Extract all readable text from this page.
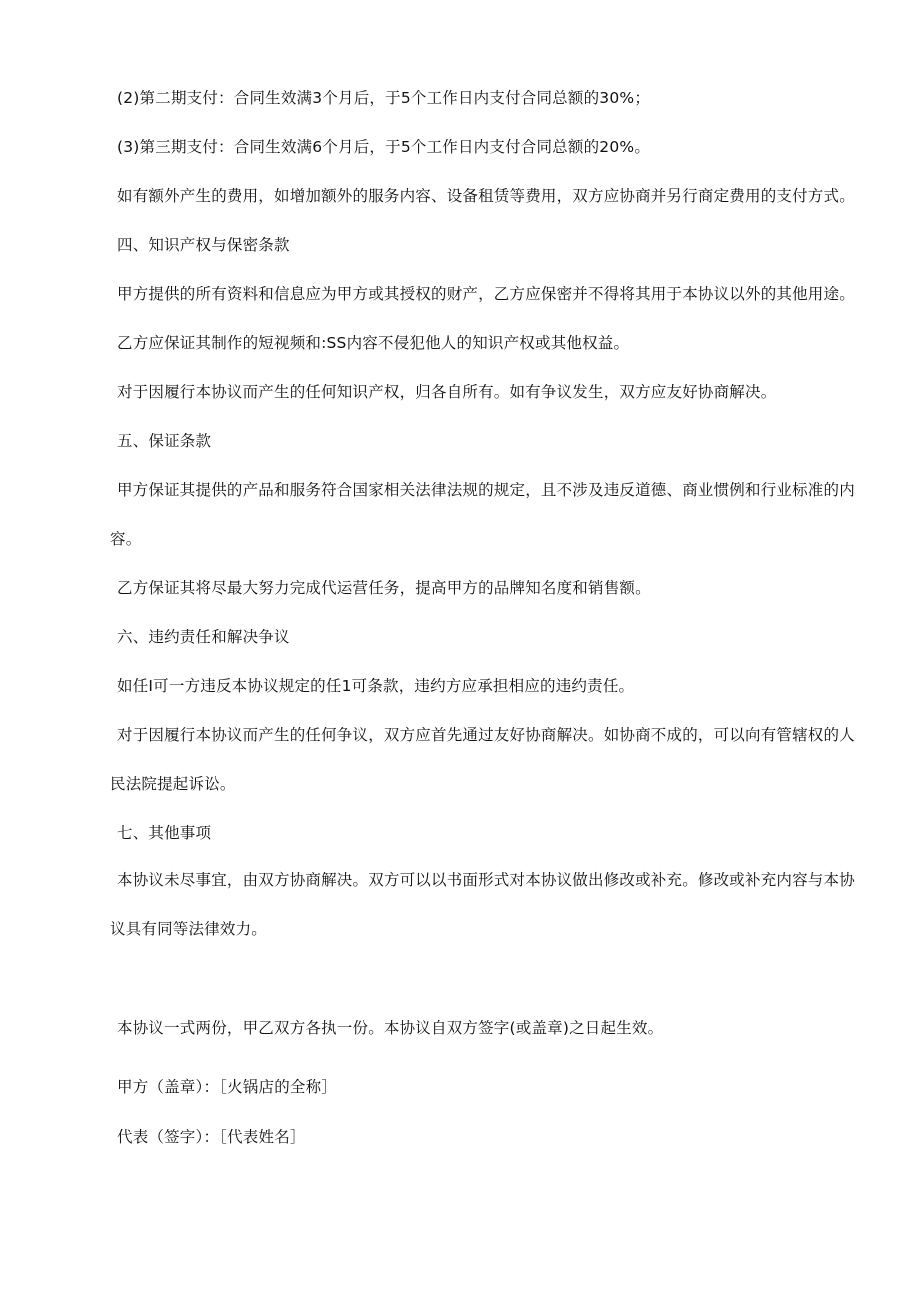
(2)第二期支付：合同生效满3个月后，于5个工作日内支付合同总额的30%；
(3)第三期支付：合同生效满6个月后，于5个工作日内支付合同总额的20%。
如有额外产生的费用，如增加额外的服务内容、设备租赁等费用，双方应协商并另行商定费用的支付方式。
四、知识产权与保密条款
甲方提供的所有资料和信息应为甲方或其授权的财产，乙方应保密并不得将其用于本协议以外的其他用途。
乙方应保证其制作的短视频和:SS内容不侵犯他人的知识产权或其他权益。
对于因履行本协议而产生的任何知识产权，归各自所有。如有争议发生，双方应友好协商解决。
五、保证条款
甲方保证其提供的产品和服务符合国家相关法律法规的规定，且不涉及违反道德、商业惯例和行业标准的内
容。
乙方保证其将尽最大努力完成代运营任务，提高甲方的品牌知名度和销售额。
六、违约责任和解决争议
如任I可一方违反本协议规定的任1可条款，违约方应承担相应的违约责任。
对于因履行本协议而产生的任何争议，双方应首先通过友好协商解决。如协商不成的，可以向有管辖权的人
民法院提起诉讼。
七、其他事项
本协议未尽事宜，由双方协商解决。双方可以以书面形式对本协议做出修改或补充。修改或补充内容与本协
议具有同等法律效力。
本协议一式两份，甲乙双方各执一份。本协议自双方签字(或盖章)之日起生效。
甲方（盖章）：［火锅店的全称］
代表（签字）：［代表姓名］
